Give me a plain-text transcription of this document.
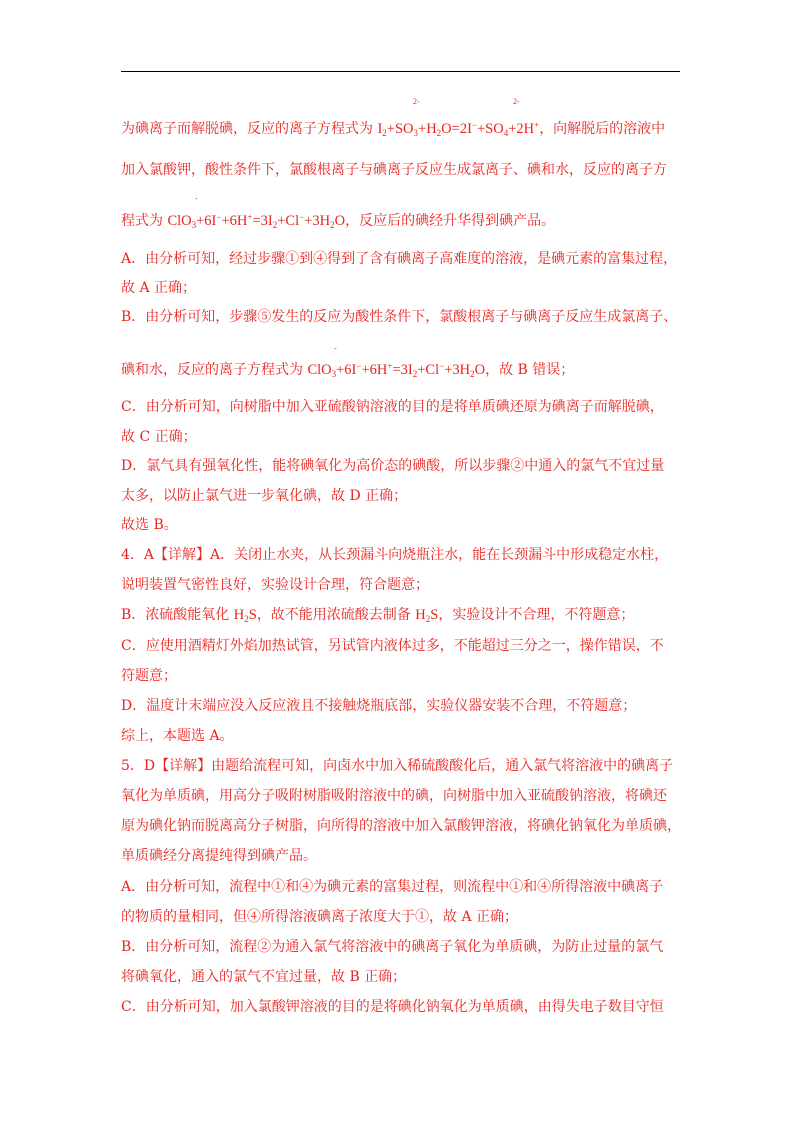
为碘离子而解脱碘，反应的离子方程式为 $I_2+SO_3+H_2O=2I^-+SO_4+2H^+$，向解脱后的溶液中
2-	2-
加入氯酸钾，酸性条件下，氯酸根离子与碘离子反应生成氯离子、碘和水，反应的离子方
程式为 $ClO_3+6I^-+6H^+=3I_2+Cl^-+3H_2O$，反应后的碘经升华得到碘产品。
-
A．由分析可知，经过步骤①到④得到了含有碘离子高难度的溶液，是碘元素的富集过程，
故 A 正确；
B．由分析可知，步骤⑤发生的反应为酸性条件下，氯酸根离子与碘离子反应生成氯离子、
碘和水，反应的离子方程式为 $ClO_3+6I^-+6H^+=3I_2+Cl^-+3H_2O$，故 B 错误；
-
C．由分析可知，向树脂中加入亚硫酸钠溶液的目的是将单质碘还原为碘离子而解脱碘，
故 C 正确；
D．氯气具有强氧化性，能将碘氧化为高价态的碘酸，所以步骤②中通入的氯气不宜过量
太多，以防止氯气进一步氧化碘，故 D 正确；
故选 B。
4．A【详解】A．关闭止水夹，从长颈漏斗向烧瓶注水，能在长颈漏斗中形成稳定水柱，
说明装置气密性良好，实验设计合理，符合题意；
B．浓硫酸能氧化 $H_2S$，故不能用浓硫酸去制备 $H_2S$，实验设计不合理，不符题意；
C．应使用酒精灯外焰加热试管，另试管内液体过多，不能超过三分之一，操作错误，不
符题意；
D．温度计末端应没入反应液且不接触烧瓶底部，实验仪器安装不合理，不符题意；
综上，本题选 A。
5．D【详解】由题给流程可知，向卤水中加入稀硫酸酸化后，通入氯气将溶液中的碘离子
氧化为单质碘，用高分子吸附树脂吸附溶液中的碘，向树脂中加入亚硫酸钠溶液，将碘还
原为碘化钠而脱离高分子树脂，向所得的溶液中加入氯酸钾溶液，将碘化钠氧化为单质碘，
单质碘经分离提纯得到碘产品。
A．由分析可知，流程中①和④为碘元素的富集过程，则流程中①和④所得溶液中碘离子
的物质的量相同，但④所得溶液碘离子浓度大于①，故 A 正确；
B．由分析可知，流程②为通入氯气将溶液中的碘离子氧化为单质碘，为防止过量的氯气
将碘氧化，通入的氯气不宜过量，故 B 正确；
C．由分析可知，加入氯酸钾溶液的目的是将碘化钠氧化为单质碘，由得失电子数目守恒
